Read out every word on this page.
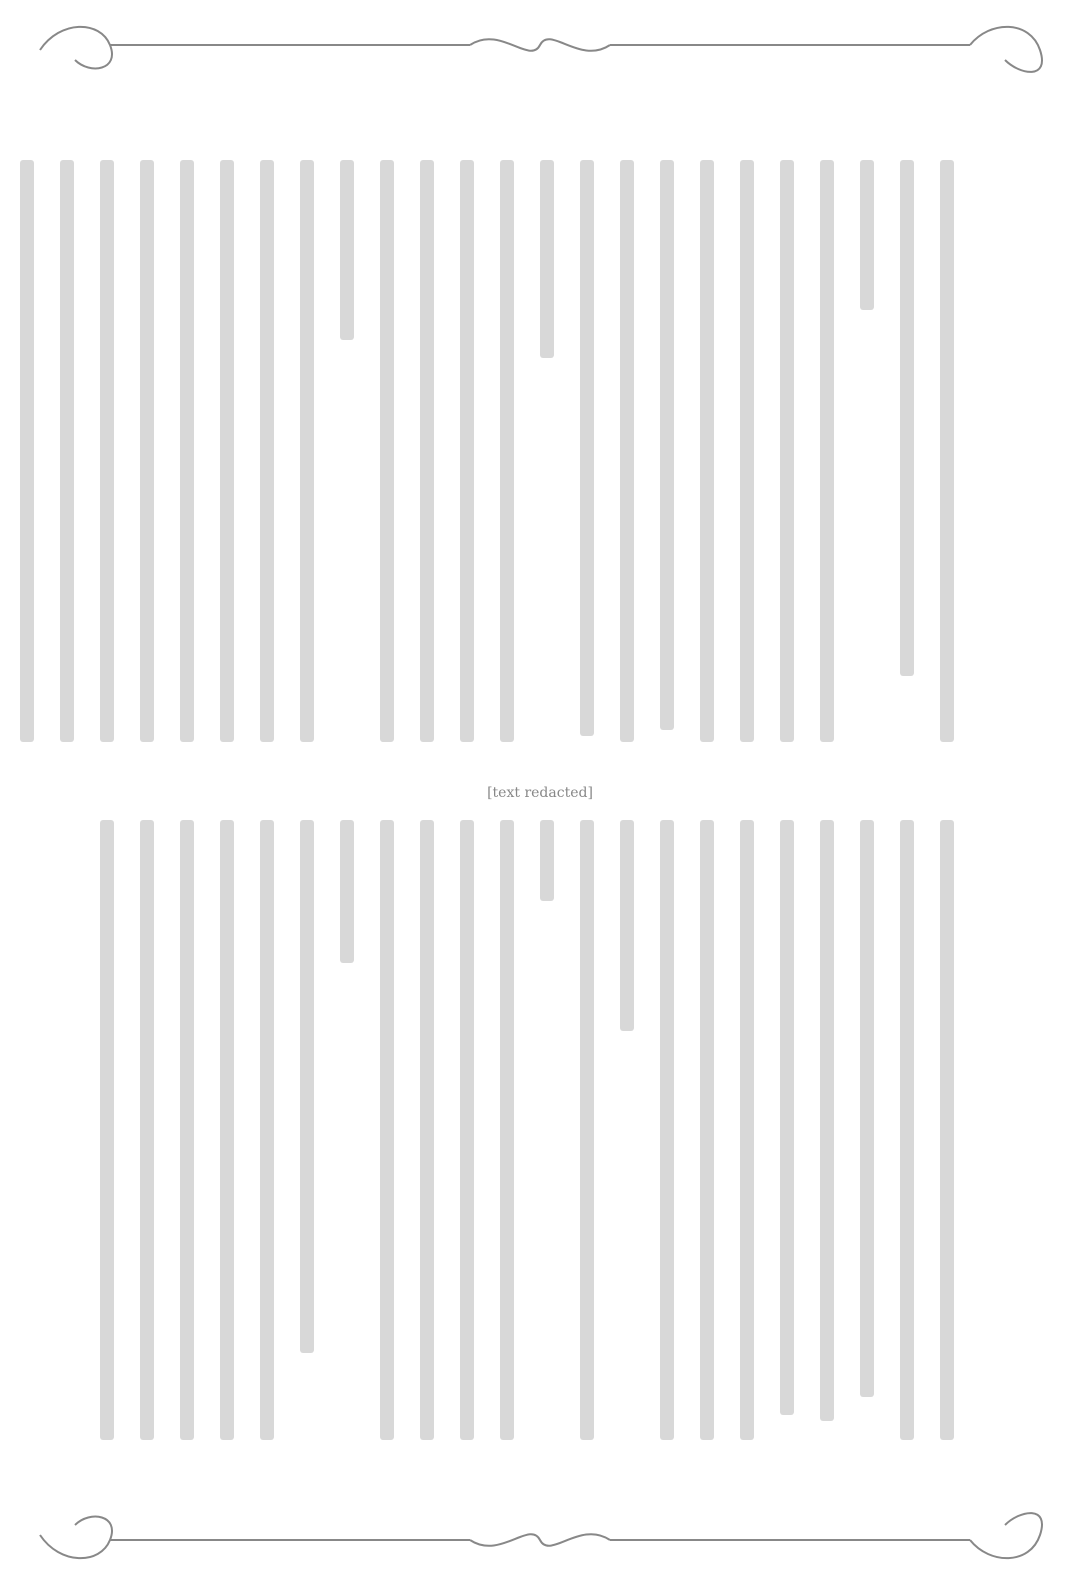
[text redacted]
